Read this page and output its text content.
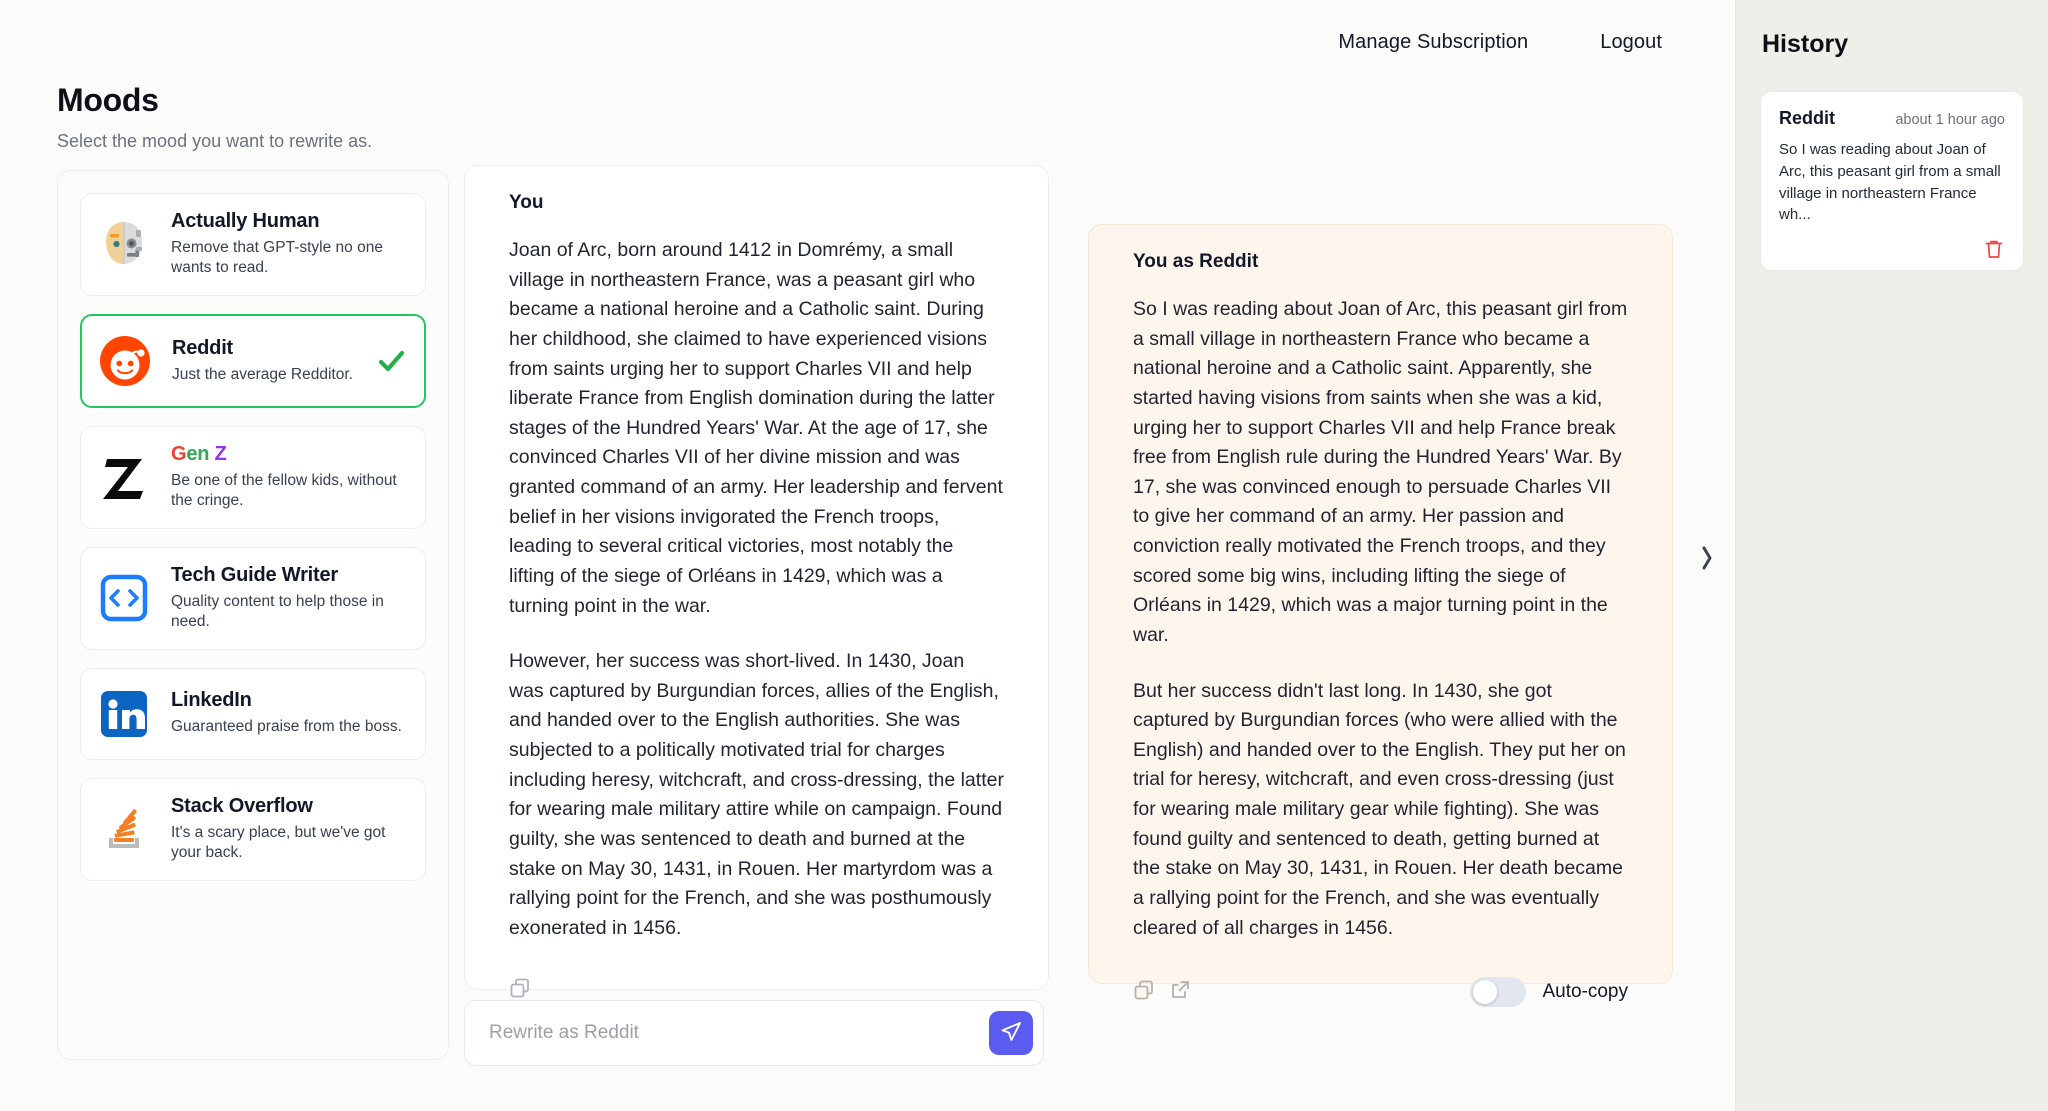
Manage Subscription	Logout
Moods

Select the mood you want to rewrite as.

Actually Human
Remove that GPT-style no one wants to read.
Reddit
Just the average Redditor.
Gen Z
Be one of the fellow kids, without the cringe.
Tech Guide Writer
Quality content to help those in need.
LinkedIn
Guaranteed praise from the boss.
Stack Overflow
It's a scary place, but we've got your back.
You

Joan of Arc, born around 1412 in Domrémy, a small village in northeastern France, was a peasant girl who became a national heroine and a Catholic saint. During her childhood, she claimed to have experienced visions from saints urging her to support Charles VII and help liberate France from English domination during the latter stages of the Hundred Years' War. At the age of 17, she convinced Charles VII of her divine mission and was granted command of an army. Her leadership and fervent belief in her visions invigorated the French troops, leading to several critical victories, most notably the lifting of the siege of Orléans in 1429, which was a turning point in the war.

However, her success was short-lived. In 1430, Joan was captured by Burgundian forces, allies of the English, and handed over to the English authorities. She was subjected to a politically motivated trial for charges including heresy, witchcraft, and cross-dressing, the latter for wearing male military attire while on campaign. Found guilty, she was sentenced to death and burned at the stake on May 30, 1431, in Rouen. Her martyrdom was a rallying point for the French, and she was posthumously exonerated in 1456.

Rewrite as Reddit
You as Reddit

So I was reading about Joan of Arc, this peasant girl from a small village in northeastern France who became a national heroine and a Catholic saint. Apparently, she started having visions from saints when she was a kid, urging her to support Charles VII and help France break free from English rule during the Hundred Years' War. By 17, she was convinced enough to persuade Charles VII to give her command of an army. Her passion and conviction really motivated the French troops, and they scored some big wins, including lifting the siege of Orléans in 1429, which was a major turning point in the war.

But her success didn't last long. In 1430, she got captured by Burgundian forces (who were allied with the English) and handed over to the English. They put her on trial for heresy, witchcraft, and even cross-dressing (just for wearing male military gear while fighting). She was found guilty and sentenced to death, getting burned at the stake on May 30, 1431, in Rouen. Her death became a rallying point for the French, and she was eventually cleared of all charges in 1456.

Auto-copy
History
Reddit	about 1 hour ago
So I was reading about Joan of Arc, this peasant girl from a small village in northeastern France wh...
